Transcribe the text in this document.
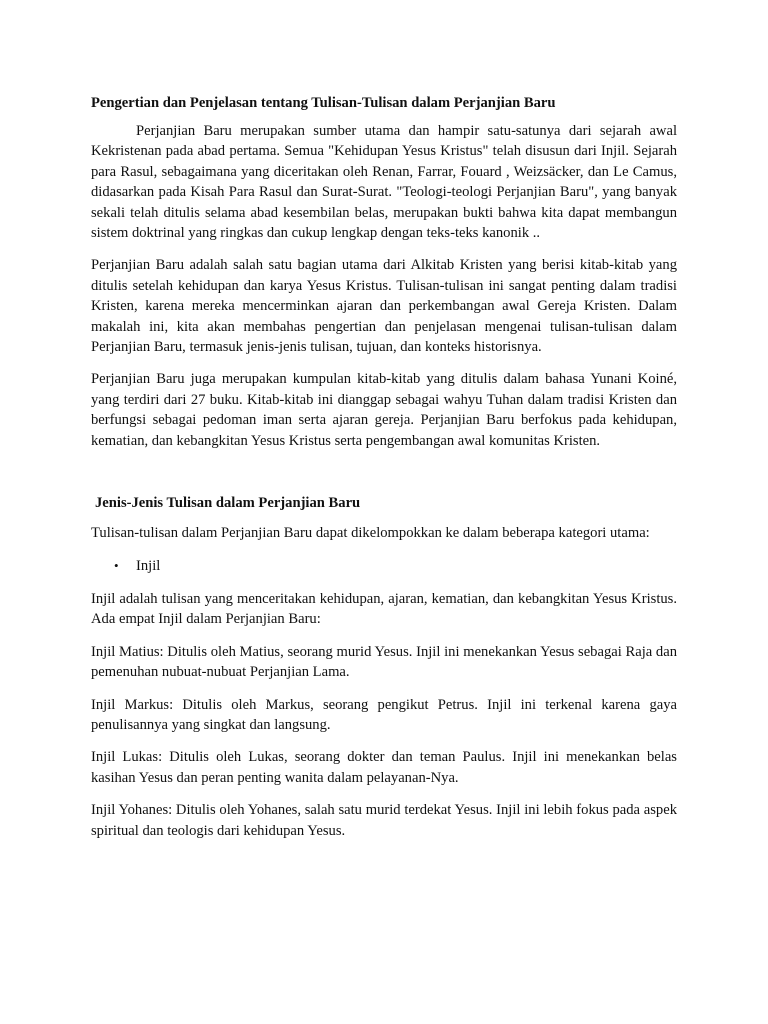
Pengertian dan Penjelasan tentang Tulisan-Tulisan dalam Perjanjian Baru

Perjanjian Baru merupakan sumber utama dan hampir satu-satunya dari sejarah awal Kekristenan pada abad pertama. Semua "Kehidupan Yesus Kristus" telah disusun dari Injil. Sejarah para Rasul, sebagaimana yang diceritakan oleh Renan, Farrar, Fouard , Weizsäcker, dan Le Camus, didasarkan pada Kisah Para Rasul dan Surat-Surat. "Teologi-teologi Perjanjian Baru", yang banyak sekali telah ditulis selama abad kesembilan belas, merupakan bukti bahwa kita dapat membangun sistem doktrinal yang ringkas dan cukup lengkap dengan teks-teks kanonik ..

Perjanjian Baru adalah salah satu bagian utama dari Alkitab Kristen yang berisi kitab-kitab yang ditulis setelah kehidupan dan karya Yesus Kristus. Tulisan-tulisan ini sangat penting dalam tradisi Kristen, karena mereka mencerminkan ajaran dan perkembangan awal Gereja Kristen. Dalam makalah ini, kita akan membahas pengertian dan penjelasan mengenai tulisan-tulisan dalam Perjanjian Baru, termasuk jenis-jenis tulisan, tujuan, dan konteks historisnya.

Perjanjian Baru juga merupakan kumpulan kitab-kitab yang ditulis dalam bahasa Yunani Koiné, yang terdiri dari 27 buku. Kitab-kitab ini dianggap sebagai wahyu Tuhan dalam tradisi Kristen dan berfungsi sebagai pedoman iman serta ajaran gereja. Perjanjian Baru berfokus pada kehidupan, kematian, dan kebangkitan Yesus Kristus serta pengembangan awal komunitas Kristen.

Jenis-Jenis Tulisan dalam Perjanjian Baru

Tulisan-tulisan dalam Perjanjian Baru dapat dikelompokkan ke dalam beberapa kategori utama:

• Injil

Injil adalah tulisan yang menceritakan kehidupan, ajaran, kematian, dan kebangkitan Yesus Kristus. Ada empat Injil dalam Perjanjian Baru:

Injil Matius: Ditulis oleh Matius, seorang murid Yesus. Injil ini menekankan Yesus sebagai Raja dan pemenuhan nubuat-nubuat Perjanjian Lama.

Injil Markus: Ditulis oleh Markus, seorang pengikut Petrus. Injil ini terkenal karena gaya penulisannya yang singkat dan langsung.

Injil Lukas: Ditulis oleh Lukas, seorang dokter dan teman Paulus. Injil ini menekankan belas kasihan Yesus dan peran penting wanita dalam pelayanan-Nya.

Injil Yohanes: Ditulis oleh Yohanes, salah satu murid terdekat Yesus. Injil ini lebih fokus pada aspek spiritual dan teologis dari kehidupan Yesus.
